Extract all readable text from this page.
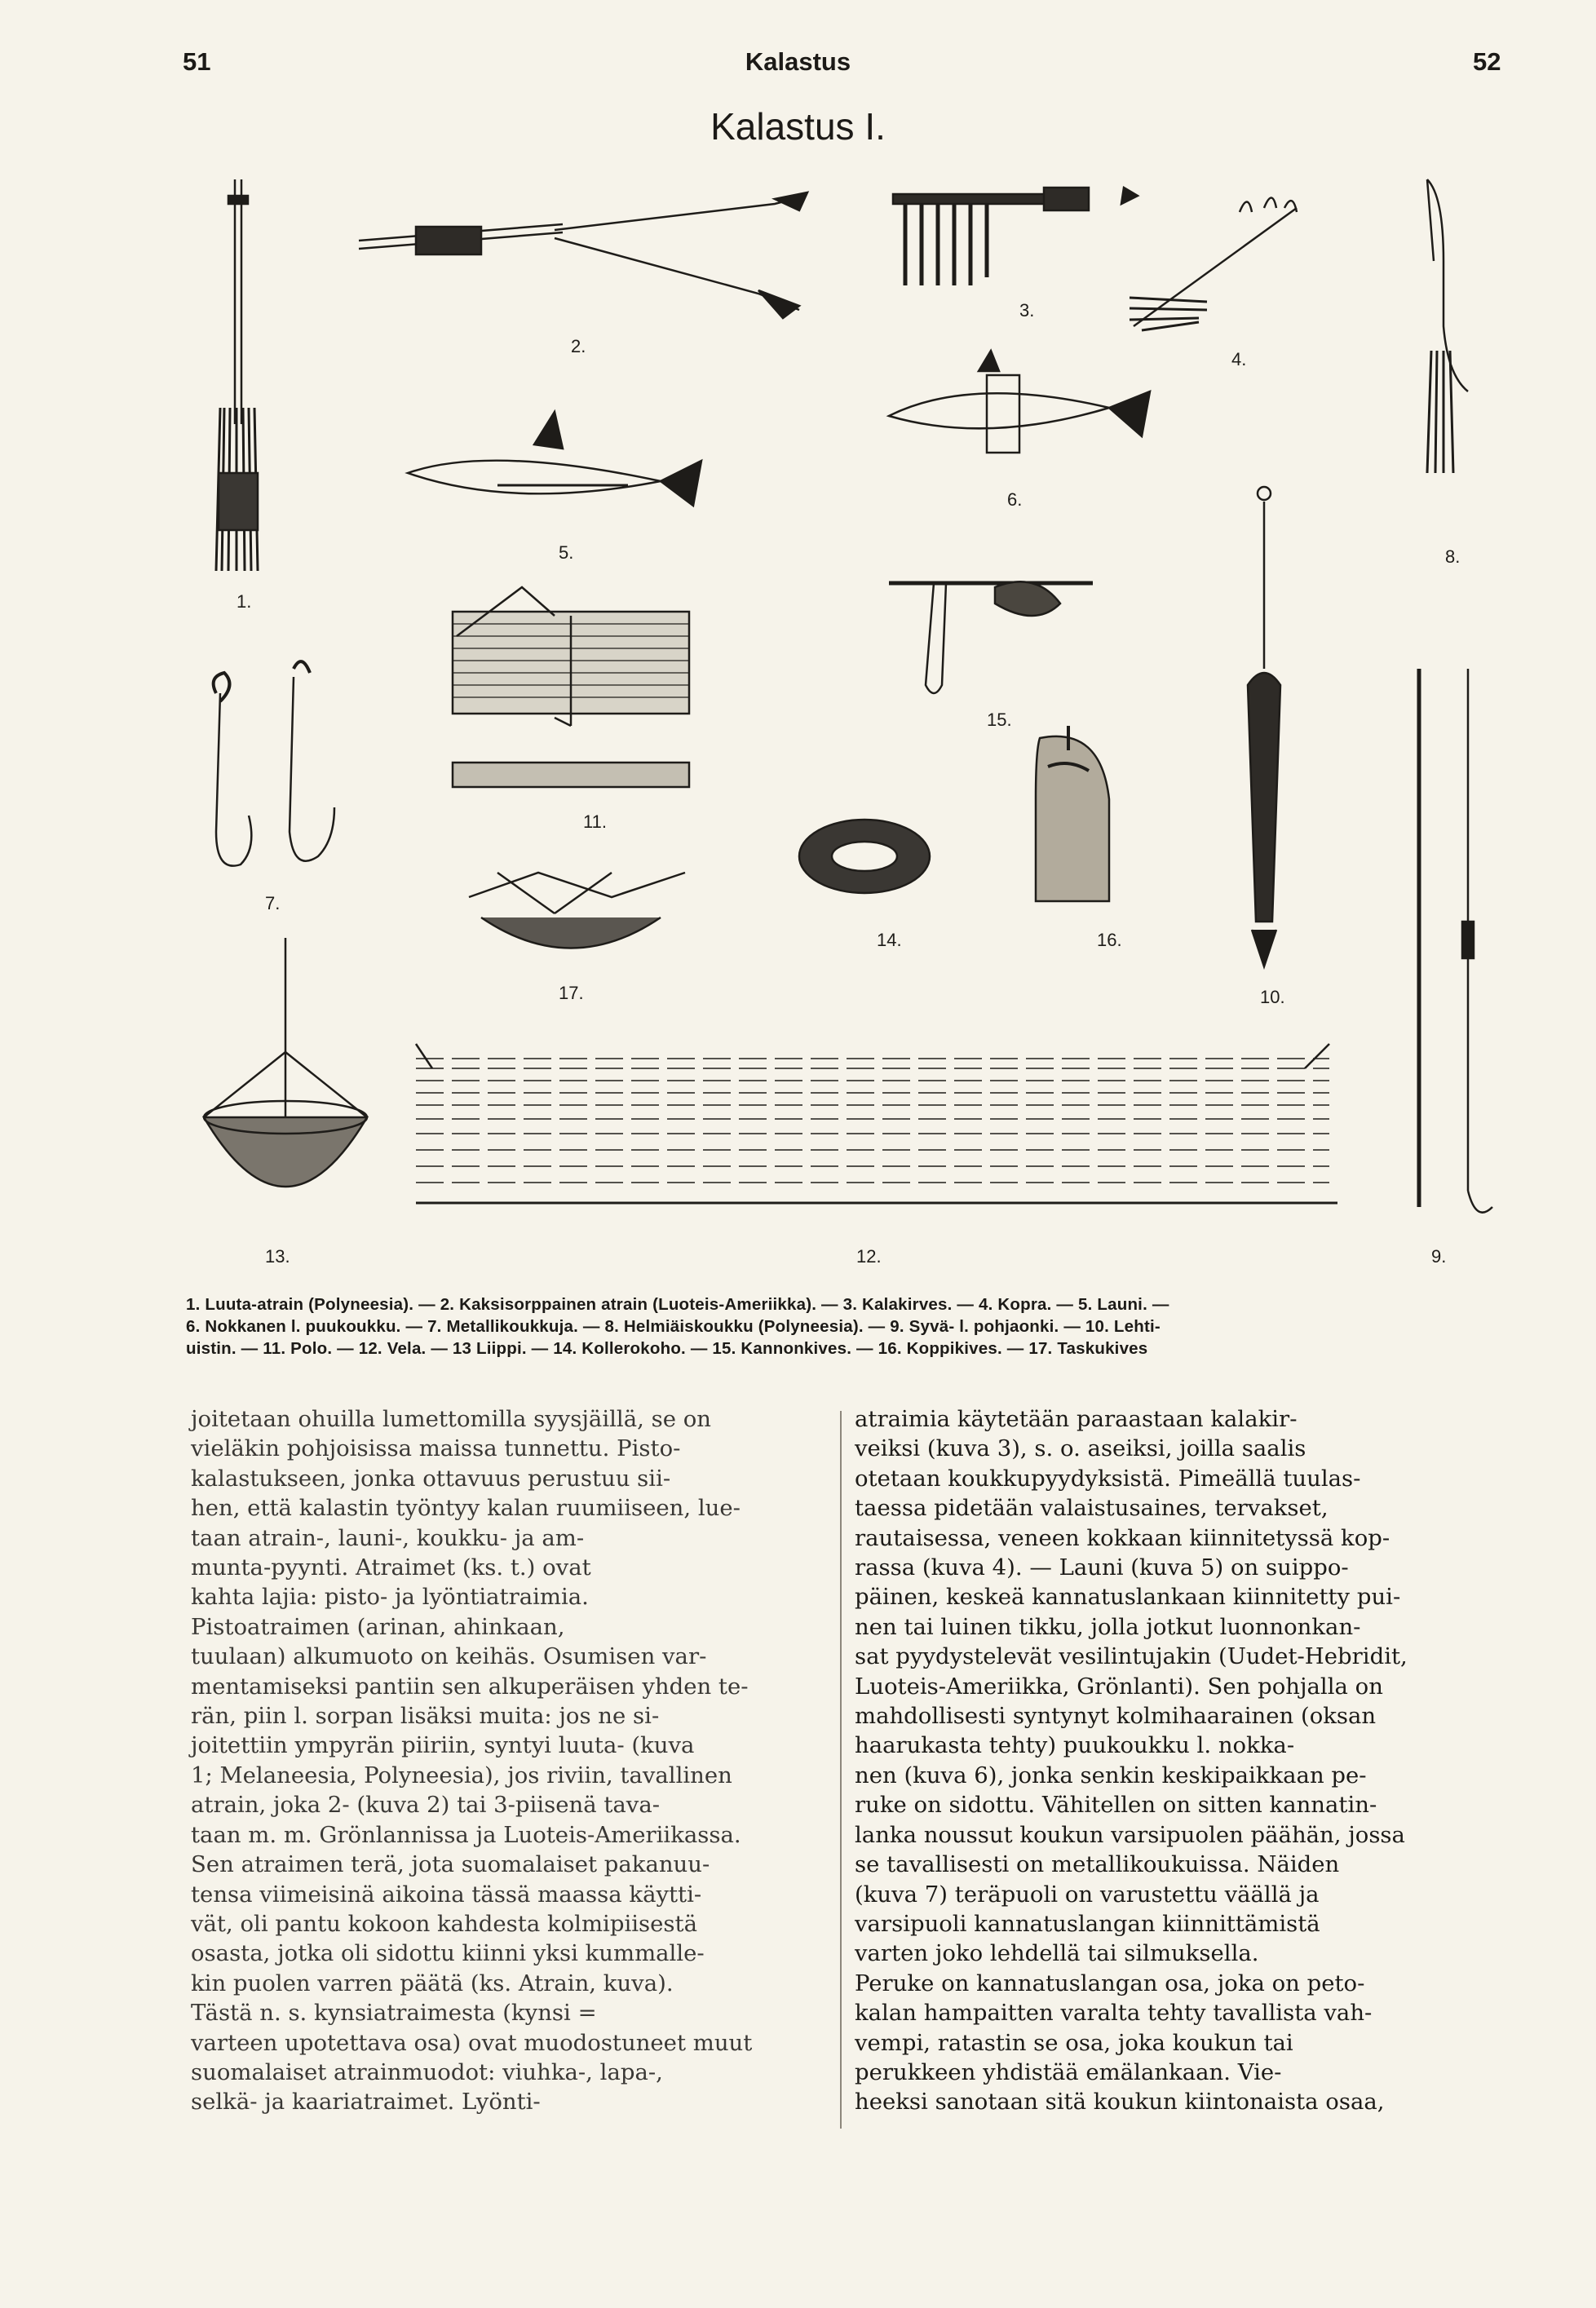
51	Kalastus	52
Kalastus I.
1.
2.
3.
4.
5.
6.
7.
8.
9.
10.
11.
12.
13.
14.
15.
16.
17.
1. Luuta-atrain (Polyneesia). — 2. Kaksisorppainen atrain (Luoteis-Ameriikka). — 3. Kalakirves. — 4. Kopra. — 5. Launi. —
6. Nokkanen l. puukoukku. — 7. Metallikoukkuja. — 8. Helmiäiskoukku (Polyneesia). — 9. Syvä- l. pohjaonki. — 10. Lehti-
uistin. — 11. Polo. — 12. Vela. — 13 Liippi. — 14. Kollerokoho. — 15. Kannonkives. — 16. Koppikives. — 17. Taskukives

joitetaan ohuilla lumettomilla syysjäillä, se on

vieläkin pohjoisissa maissa tunnettu. Pisto-

kalastukseen, jonka ottavuus perustuu sii-

hen, että kalastin työntyy kalan ruumiiseen, lue-

taan atrain-, launi-, koukku- ja am-

munta-pyynti. Atraimet (ks. t.) ovat

kahta lajia: pisto- ja lyöntiatraimia.

Pistoatraimen (arinan, ahinkaan,

tuulaan) alkumuoto on keihäs. Osumisen var-

mentamiseksi pantiin sen alkuperäisen yhden te-

rän, piin l. sorpan lisäksi muita: jos ne si-

joitettiin ympyrän piiriin, syntyi luuta- (kuva

1; Melaneesia, Polyneesia), jos riviin, tavallinen

atrain, joka 2- (kuva 2) tai 3-piisenä tava-

taan m. m. Grönlannissa ja Luoteis-Ameriikassa.

Sen atraimen terä, jota suomalaiset pakanuu-

tensa viimeisinä aikoina tässä maassa käytti-

vät, oli pantu kokoon kahdesta kolmipiisestä

osasta, jotka oli sidottu kiinni yksi kummalle-

kin puolen varren päätä (ks. Atrain, kuva).

Tästä n. s. kynsiatraimesta (kynsi =

varteen upotettava osa) ovat muodostuneet muut

suomalaiset atrainmuodot: viuhka-, lapa-,

selkä- ja kaariatraimet. Lyönti-

atraimia käytetään paraastaan kalakir-

veiksi (kuva 3), s. o. aseiksi, joilla saalis

otetaan koukkupyydyksistä. Pimeällä tuulas-

taessa pidetään valaistusaines, tervakset,

rautaisessa, veneen kokkaan kiinnitetyssä kop-

rassa (kuva 4). — Launi (kuva 5) on suippo-

päinen, keskeä kannatuslankaan kiinnitetty pui-

nen tai luinen tikku, jolla jotkut luonnonkan-

sat pyydystelevät vesilintujakin (Uudet-Hebridit,

Luoteis-Ameriikka, Grönlanti). Sen pohjalla on

mahdollisesti syntynyt kolmihaarainen (oksan

haarukasta tehty) puukoukku l. nokka-

nen (kuva 6), jonka senkin keskipaikkaan pe-

ruke on sidottu. Vähitellen on sitten kannatin-

lanka noussut koukun varsipuolen päähän, jossa

se tavallisesti on metallikoukuissa. Näiden

(kuva 7) teräpuoli on varustettu väällä ja

varsipuoli kannatuslangan kiinnittämistä

varten joko lehdellä tai silmuksella.

Peruke on kannatuslangan osa, joka on peto-

kalan hampaitten varalta tehty tavallista vah-

vempi, ratastin se osa, joka koukun tai

perukkeen yhdistää emälankaan. Vie-

heeksi sanotaan sitä koukun kiintonaista osaa,
